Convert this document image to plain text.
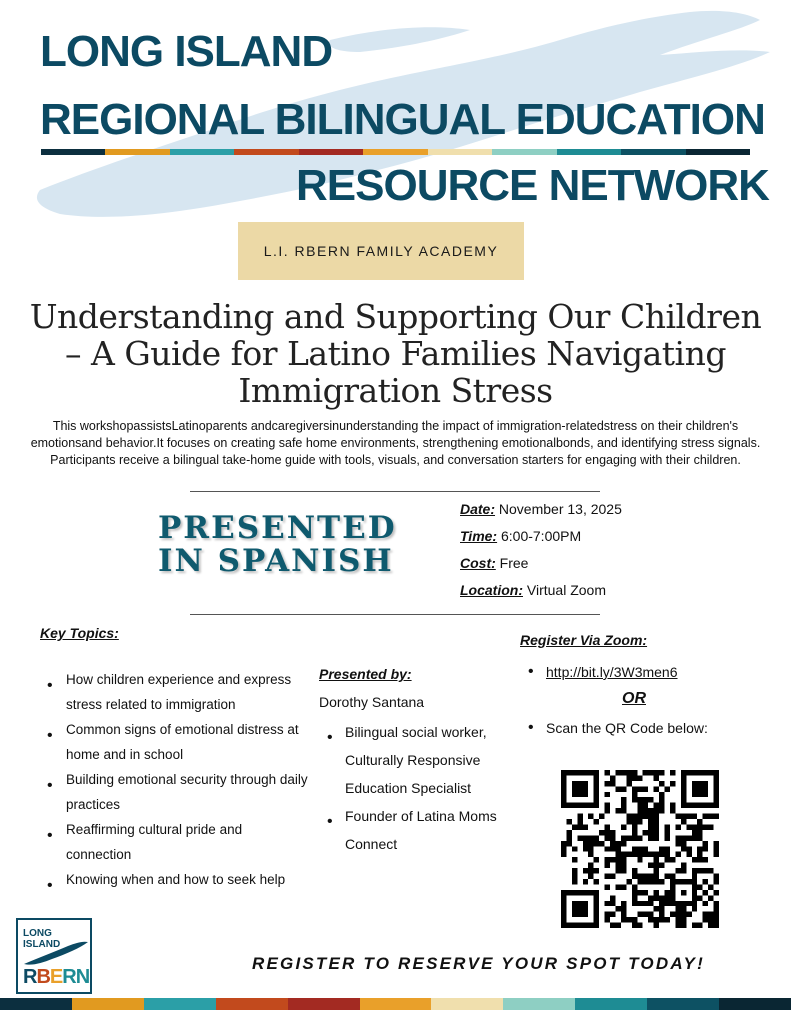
LONG ISLAND
REGIONAL BILINGUAL EDUCATION
RESOURCE NETWORK
L.I. RBERN FAMILY ACADEMY
Understanding and Supporting Our Children – A Guide for Latino Families Navigating Immigration Stress

This workshopassistsLatinoparents andcaregiversinunderstanding the impact of immigration-relatedstress on their children's emotionsand behavior.It focuses on creating safe home environments, strengthening emotionalbonds, and identifying stress signals. Participants receive a bilingual take-home guide with tools, visuals, and conversation starters for engaging with their children.

PRESENTED
IN SPANISH
Date: November 13, 2025
Time: 6:00-7:00PM
Cost: Free
Location: Virtual Zoom
Key Topics:
• How children experience and express stress related to immigration
• Common signs of emotional distress at home and in school
• Building emotional security through daily practices
• Reaffirming cultural pride and connection
• Knowing when and how to seek help
Presented by:
Dorothy Santana
• Bilingual social worker, Culturally Responsive Education Specialist
• Founder of Latina Moms Connect
Register Via Zoom:
• http://bit.ly/3W3men6
OR
• Scan the QR Code below:
LONG
ISLAND
RBERN
REGISTER TO RESERVE YOUR SPOT TODAY!
